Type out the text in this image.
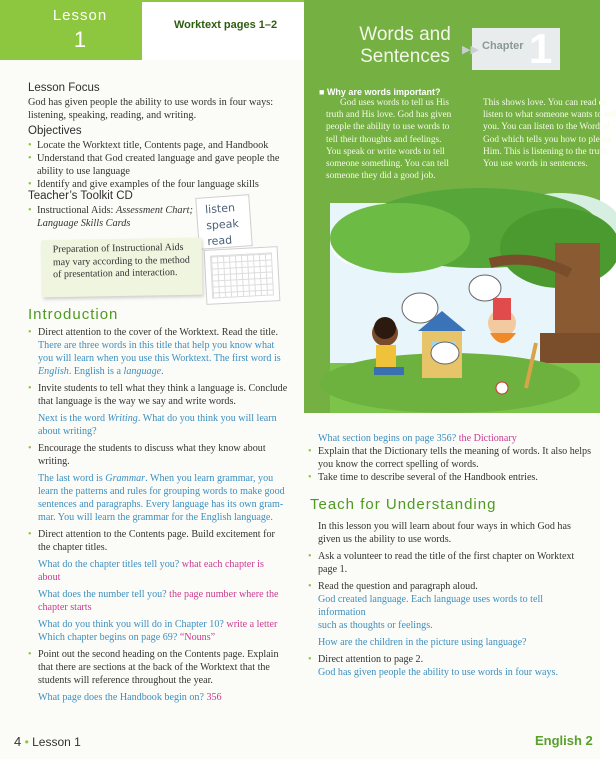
Lesson
1
Worktext pages 1–2	Words and
Sentences	▶▶ Chapter 1
Lesson Focus
God has given people the ability to use words in four ways: listening, speaking, reading, and writing.
Objectives
• Locate the Worktext title, Contents page, and Handbook
• Understand that God created language and gave people the ability to use language
• Identify and give examples of the four language skills
Teacher’s Toolkit CD
• Instructional Aids: Assessment Chart; Language Skills Cards
listen
speak
read
Preparation of Instructional Aids may vary according to the method of presentation and interaction.
Introduction
• Direct attention to the cover of the Worktext. Read the title.
There are three words in this title that help you know what
you will learn when you use this Worktext. The first word is
English. English is a language.
• Invite students to tell what they think a language is. Conclude
that language is the way we say and write words.
Next is the word Writing. What do you think you will learn
about writing?
• Encourage the students to discuss what they know about
writing.
The last word is Grammar. When you learn grammar, you
learn the patterns and rules for grouping words to make good
sentences and paragraphs. Every language has its own gram-
mar. You will learn the grammar for the English language.
• Direct attention to the Contents page. Build excitement for
the chapter titles.
What do the chapter titles tell you? what each chapter is
about
What does the number tell you? the page number where the
chapter starts
What do you think you will do in Chapter 10? write a letter
Which chapter begins on page 69? “Nouns”
• Point out the second heading on the Contents page. Explain
that there are sections at the back of the Worktext that the
students will reference throughout the year.
What page does the Handbook begin on? 356
■ Why are words important?
God uses words to tell us His
truth and His love. God has given
people the ability to use words to
tell their thoughts and feelings.
You speak or write words to tell
someone something. You can tell
someone they did a good job.
This shows love. You can read or
listen to what someone wants to tell
you. You can listen to the Word of
God which tells you how to please
Him. This is listening to the truth.
You use words in sentences.
What section begins on page 356? the Dictionary
• Explain that the Dictionary tells the meaning of words. It also helps
you know the correct spelling of words.
• Take time to describe several of the Handbook entries.
Teach for Understanding
In this lesson you will learn about four ways in which God has
given us the ability to use words.
• Ask a volunteer to read the title of the first chapter on Worktext page 1.
• Read the question and paragraph aloud.
God created language. Each language uses words to tell information
such as thoughts or feelings.
How are the children in the picture using language?
• Direct attention to page 2.
God has given people the ability to use words in four ways.
4 • Lesson 1	English 2
